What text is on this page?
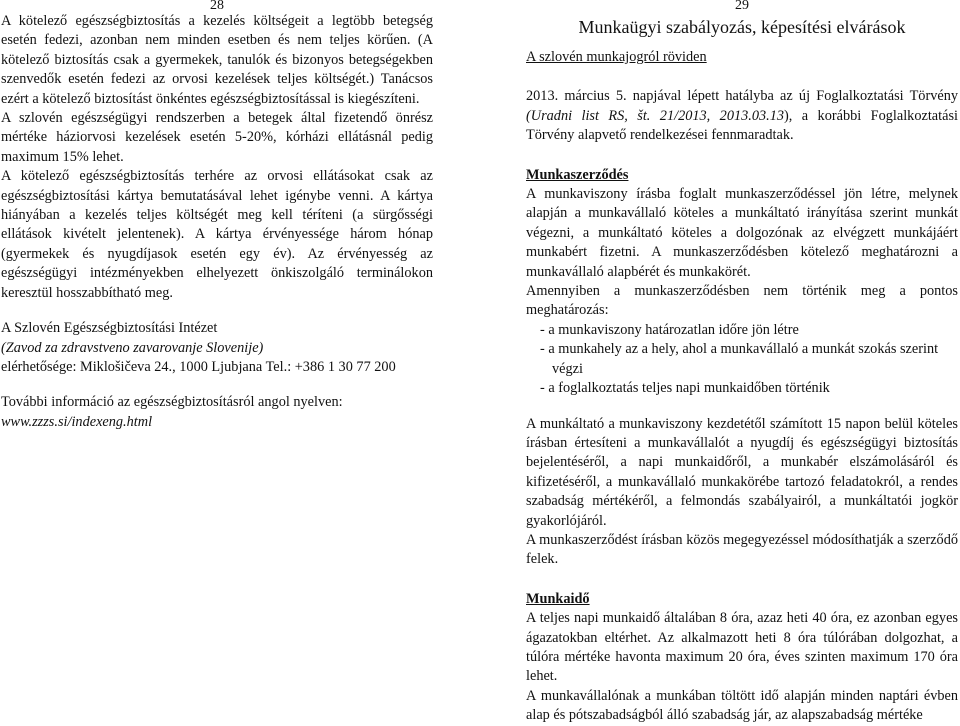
28

A kötelező egészségbiztosítás a kezelés költségeit a legtöbb betegség esetén fedezi, azonban nem minden esetben és nem teljes körűen. (A kötelező biztosítás csak a gyermekek, tanulók és bizonyos betegségekben szenvedők esetén fedezi az orvosi kezelések teljes költségét.) Tanácsos ezért a kötelező biztosítást önkéntes egészségbiztosítással is kiegészíteni.

A szlovén egészségügyi rendszerben a betegek által fizetendő önrész mértéke háziorvosi kezelések esetén 5-20%, kórházi ellátásnál pedig maximum 15% lehet.

A kötelező egészségbiztosítás terhére az orvosi ellátásokat csak az egészségbiztosítási kártya bemutatásával lehet igénybe venni. A kártya hiányában a kezelés teljes költségét meg kell téríteni (a sürgősségi ellátások kivételt jelentenek). A kártya érvényessége három hónap (gyermekek és nyugdíjasok esetén egy év). Az érvényesség az egészségügyi intézményekben elhelyezett önkiszolgáló terminálokon keresztül hosszabbítható meg.

A Szlovén Egészségbiztosítási Intézet

(Zavod za zdravstveno zavarovanje Slovenije)

elérhetősége: Miklošičeva 24., 1000 Ljubjana Tel.: +386 1 30 77 200

További információ az egészségbiztosításról angol nyelven:

www.zzzs.si/indexeng.html

29
Munkaügyi szabályozás, képesítési elvárások
A szlovén munkajogról röviden

2013. március 5. napjával lépett hatályba az új Foglalkoztatási Törvény (Uradni list RS, št. 21/2013, 2013.03.13), a korábbi Foglalkoztatási Törvény alapvető rendelkezései fennmaradtak.

Munkaszerződés

A munkaviszony írásba foglalt munkaszerződéssel jön létre, melynek alapján a munkavállaló köteles a munkáltató irányítása szerint munkát végezni, a munkáltató köteles a dolgozónak az elvégzett munkájáért munkabért fizetni. A munkaszerződésben kötelező meghatározni a munkavállaló alapbérét és munkakörét.

Amennyiben a munkaszerződésben nem történik meg a pontos meghatározás:

- a munkaviszony határozatlan időre jön létre
- a munkahely az a hely, ahol a munkavállaló a munkát szokás szerint végzi
- a foglalkoztatás teljes napi munkaidőben történik

A munkáltató a munkaviszony kezdetétől számított 15 napon belül köteles írásban értesíteni a munkavállalót a nyugdíj és egészségügyi biztosítás bejelentéséről, a napi munkaidőről, a munkabér elszámolásáról és kifizetéséről, a munkavállaló munkakörébe tartozó feladatokról, a rendes szabadság mértékéről, a felmondás szabályairól, a munkáltatói jogkör gyakorlójáról.

A munkaszerződést írásban közös megegyezéssel módosíthatják a szerződő felek.

Munkaidő

A teljes napi munkaidő általában 8 óra, azaz heti 40 óra, ez azonban egyes ágazatokban eltérhet. Az alkalmazott heti 8 óra túlórában dolgozhat, a túlóra mértéke havonta maximum 20 óra, éves szinten maximum 170 óra lehet.

A munkavállalónak a munkában töltött idő alapján minden naptári évben alap és pótszabadságból álló szabadság jár, az alapszabadság mértéke
